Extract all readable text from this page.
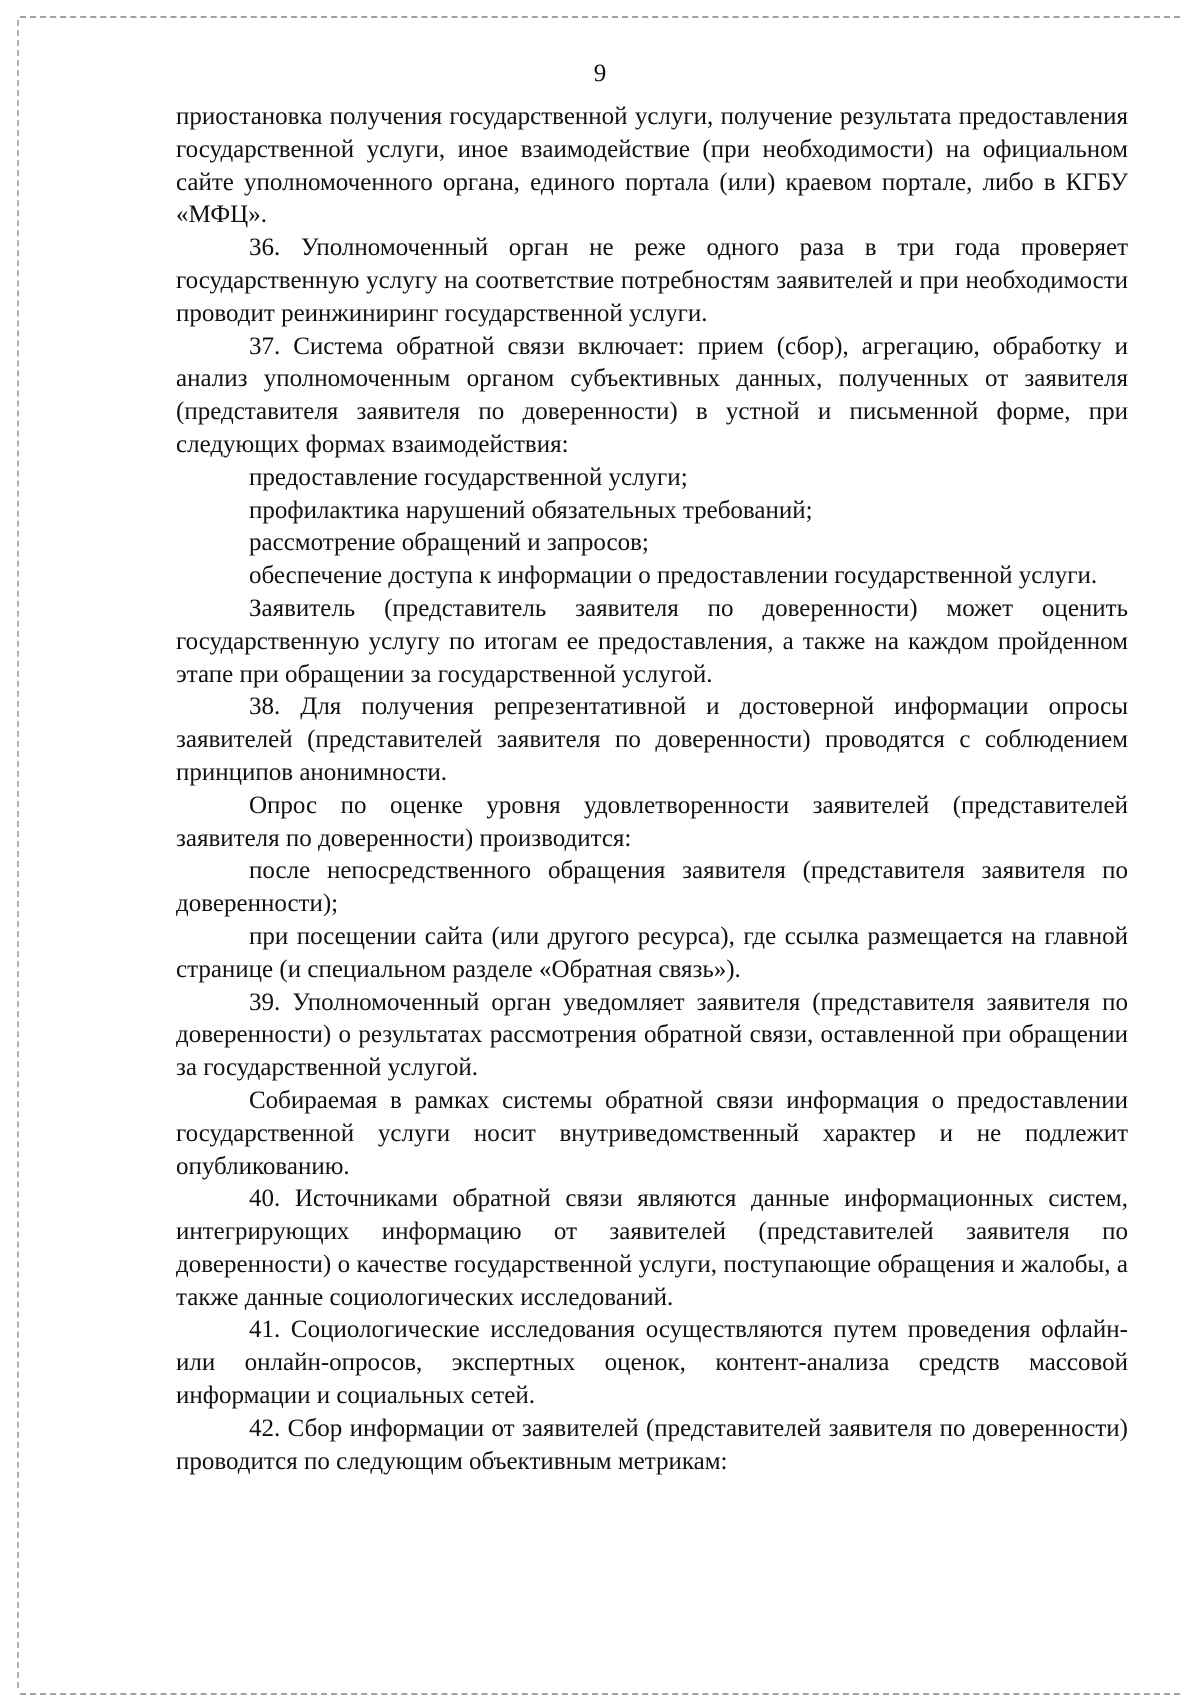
9

приостановка получения государственной услуги, получение результата предоставления государственной услуги, иное взаимодействие (при необходимости) на официальном сайте уполномоченного органа, единого портала (или) краевом портале, либо в КГБУ «МФЦ».

36. Уполномоченный орган не реже одного раза в три года проверяет государственную услугу на соответствие потребностям заявителей и при необходимости проводит реинжиниринг государственной услуги.

37. Система обратной связи включает: прием (сбор), агрегацию, обработку и анализ уполномоченным органом субъективных данных, полученных от заявителя (представителя заявителя по доверенности) в устной и письменной форме, при следующих формах взаимодействия:

предоставление государственной услуги;

профилактика нарушений обязательных требований;

рассмотрение обращений и запросов;

обеспечение доступа к информации о предоставлении государственной услуги.

Заявитель (представитель заявителя по доверенности) может оценить государственную услугу по итогам ее предоставления, а также на каждом пройденном этапе при обращении за государственной услугой.

38. Для получения репрезентативной и достоверной информации опросы заявителей (представителей заявителя по доверенности) проводятся с соблюдением принципов анонимности.

Опрос по оценке уровня удовлетворенности заявителей (представителей заявителя по доверенности) производится:

после непосредственного обращения заявителя (представителя заявителя по доверенности);

при посещении сайта (или другого ресурса), где ссылка размещается на главной странице (и специальном разделе «Обратная связь»).

39. Уполномоченный орган уведомляет заявителя (представителя заявителя по доверенности) о результатах рассмотрения обратной связи, оставленной при обращении за государственной услугой.

Собираемая в рамках системы обратной связи информация о предоставлении государственной услуги носит внутриведомственный характер и не подлежит опубликованию.

40. Источниками обратной связи являются данные информационных систем, интегрирующих информацию от заявителей (представителей заявителя по доверенности) о качестве государственной услуги, поступающие обращения и жалобы, а также данные социологических исследований.

41. Социологические исследования осуществляются путем проведения офлайн- или онлайн-опросов, экспертных оценок, контент-анализа средств массовой информации и социальных сетей.

42. Сбор информации от заявителей (представителей заявителя по доверенности) проводится по следующим объективным метрикам:
